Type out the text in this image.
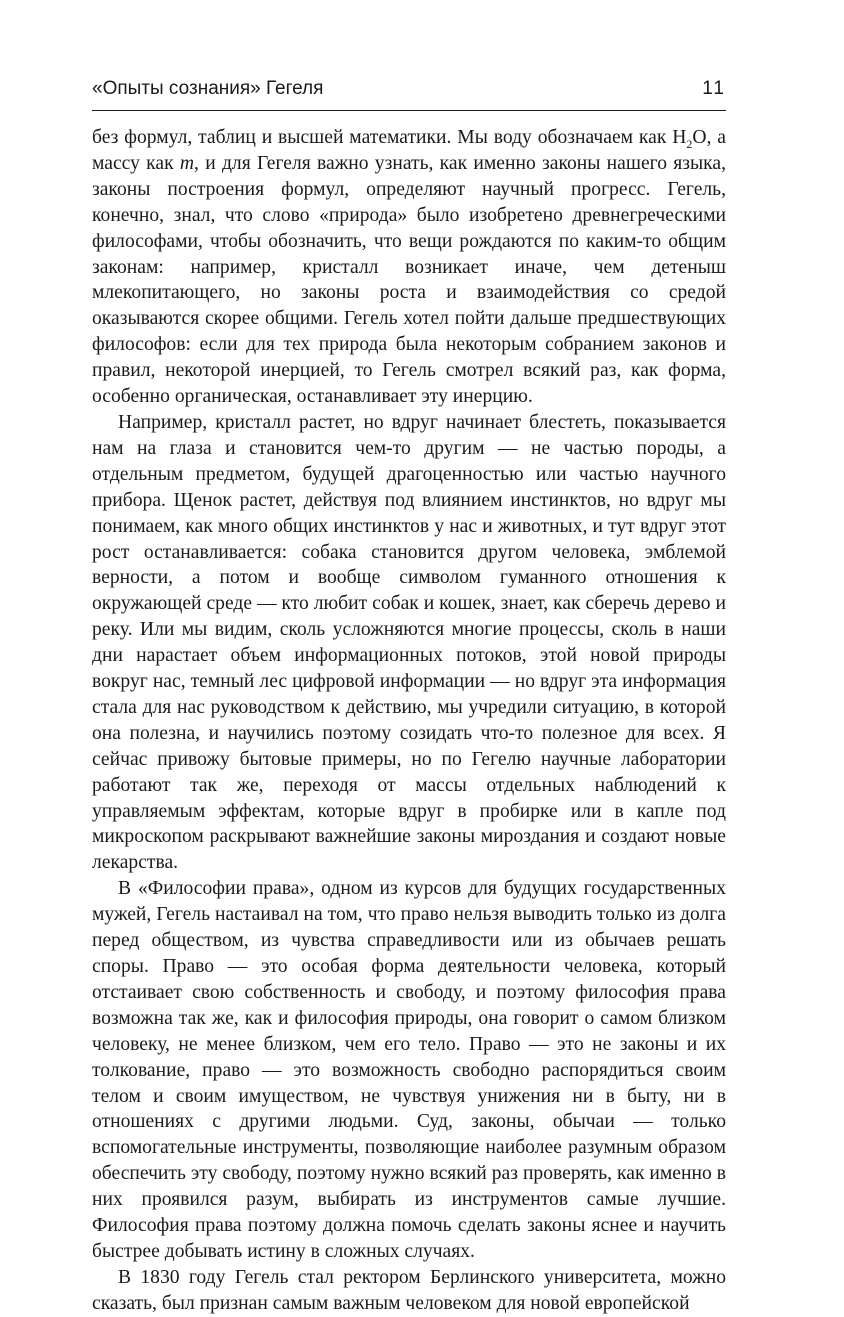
«Опыты сознания» Гегеля	11

без формул, таблиц и высшей математики. Мы воду обозначаем как $H_2O$, а массу как m, и для Гегеля важно узнать, как именно законы нашего языка, законы построения формул, определяют научный прогресс. Гегель, конечно, знал, что слово «природа» было изобретено древнегреческими философами, чтобы обозначить, что вещи рождаются по каким-то общим законам: например, кристалл возникает иначе, чем детеныш млекопитающего, но законы роста и взаимодействия со средой оказываются скорее общими. Гегель хотел пойти дальше предшествующих философов: если для тех природа была некоторым собранием законов и правил, некоторой инерцией, то Гегель смотрел всякий раз, как форма, особенно органическая, останавливает эту инерцию.

Например, кристалл растет, но вдруг начинает блестеть, показывается нам на глаза и становится чем-то другим — не частью породы, а отдельным предметом, будущей драгоценностью или частью научного прибора. Щенок растет, действуя под влиянием инстинктов, но вдруг мы понимаем, как много общих инстинктов у нас и животных, и тут вдруг этот рост останавливается: собака становится другом человека, эмблемой верности, а потом и вообще символом гуманного отношения к окружающей среде — кто любит собак и кошек, знает, как сберечь дерево и реку. Или мы видим, сколь усложняются многие процессы, сколь в наши дни нарастает объем информационных потоков, этой новой природы вокруг нас, темный лес цифровой информации — но вдруг эта информация стала для нас руководством к действию, мы учредили ситуацию, в которой она полезна, и научились поэтому созидать что-то полезное для всех. Я сейчас привожу бытовые примеры, но по Гегелю научные лаборатории работают так же, переходя от массы отдельных наблюдений к управляемым эффектам, которые вдруг в пробирке или в капле под микроскопом раскрывают важнейшие законы мироздания и создают новые лекарства.

В «Философии права», одном из курсов для будущих государственных мужей, Гегель настаивал на том, что право нельзя выводить только из долга перед обществом, из чувства справедливости или из обычаев решать споры. Право — это особая форма деятельности человека, который отстаивает свою собственность и свободу, и поэтому философия права возможна так же, как и философия природы, она говорит о самом близком человеку, не менее близком, чем его тело. Право — это не законы и их толкование, право — это возможность свободно распорядиться своим телом и своим имуществом, не чувствуя унижения ни в быту, ни в отношениях с другими людьми. Суд, законы, обычаи — только вспомогательные инструменты, позволяющие наиболее разумным образом обеспечить эту свободу, поэтому нужно всякий раз проверять, как именно в них проявился разум, выбирать из инструментов самые лучшие. Философия права поэтому должна помочь сделать законы яснее и научить быстрее добывать истину в сложных случаях.

В 1830 году Гегель стал ректором Берлинского университета, можно сказать, был признан самым важным человеком для новой европейской
